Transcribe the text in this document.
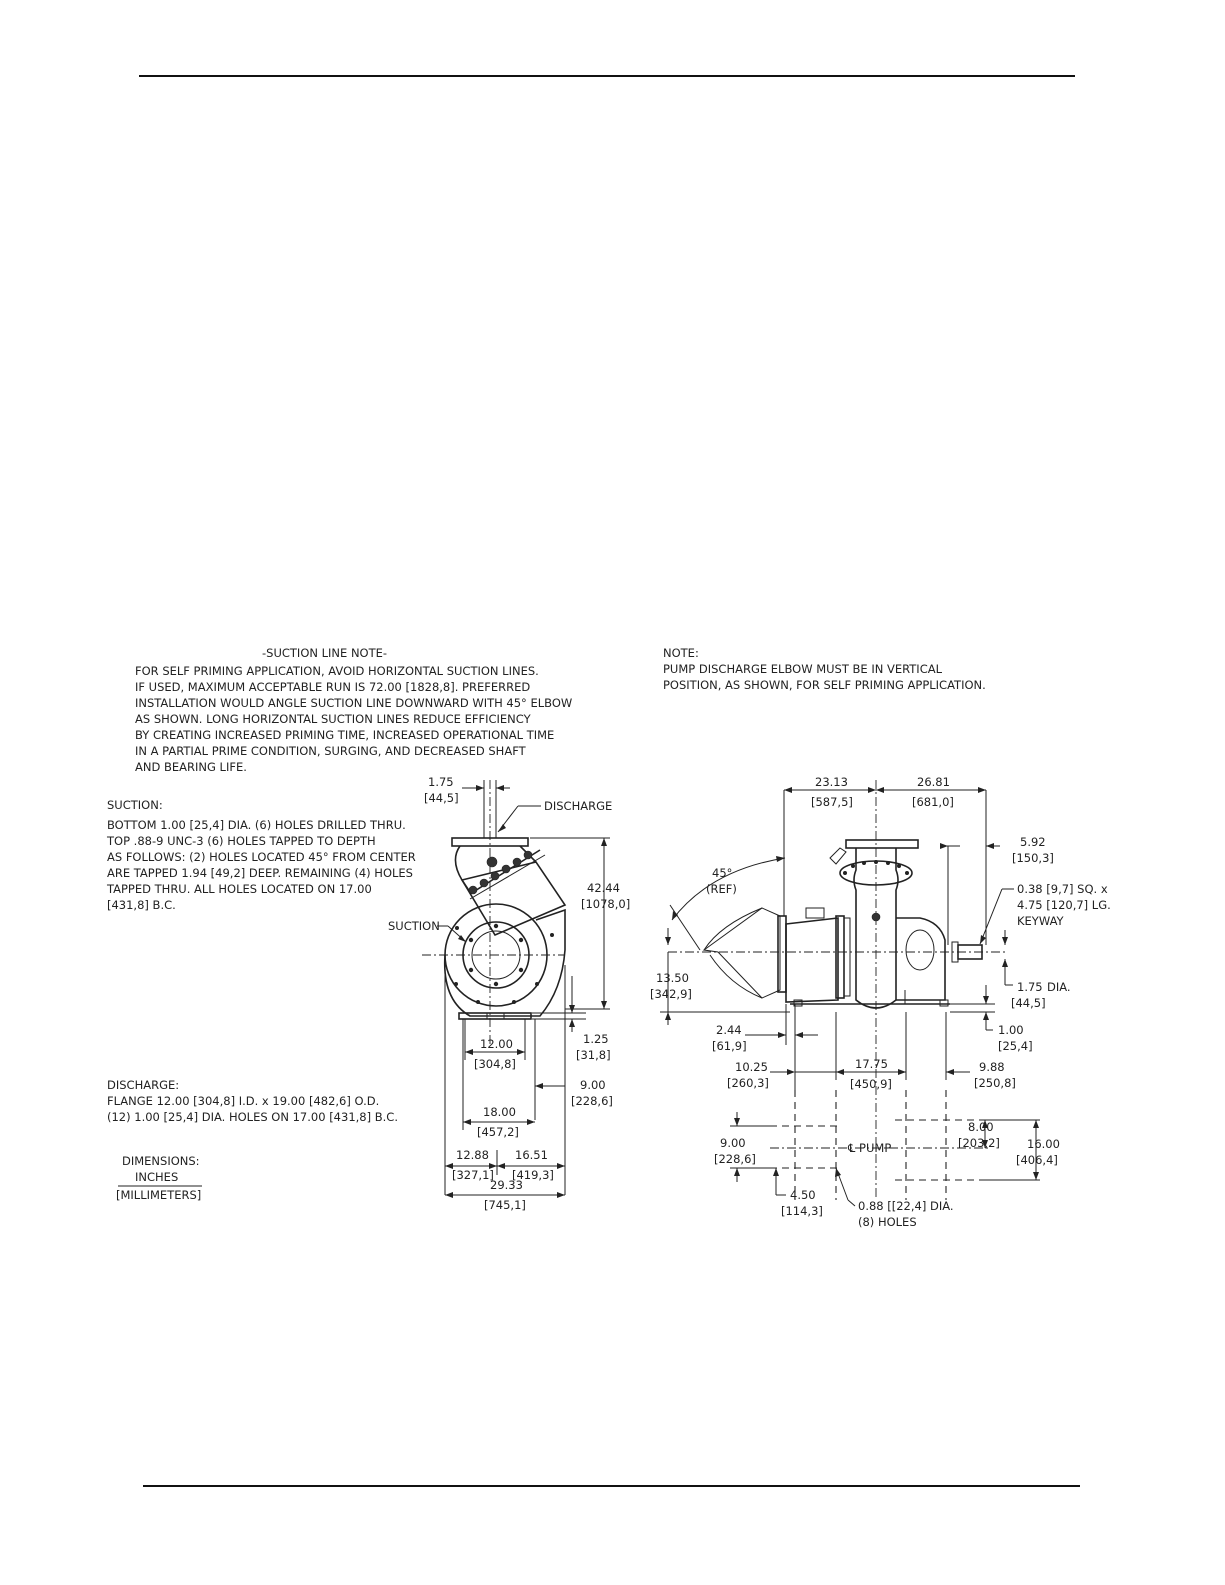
-SUCTION LINE NOTE-
FOR SELF PRIMING APPLICATION, AVOID HORIZONTAL SUCTION LINES.
IF USED, MAXIMUM ACCEPTABLE RUN IS 72.00 [1828,8]. PREFERRED
INSTALLATION WOULD ANGLE SUCTION LINE DOWNWARD WITH 45° ELBOW
AS SHOWN. LONG HORIZONTAL SUCTION LINES REDUCE EFFICIENCY
BY CREATING INCREASED PRIMING TIME, INCREASED OPERATIONAL TIME
IN A PARTIAL PRIME CONDITION, SURGING, AND DECREASED SHAFT
AND BEARING LIFE.
NOTE:
PUMP DISCHARGE ELBOW MUST BE IN VERTICAL
POSITION, AS SHOWN, FOR SELF PRIMING APPLICATION.
SUCTION:
BOTTOM 1.00 [25,4] DIA. (6) HOLES DRILLED THRU.
TOP .88-9 UNC-3 (6) HOLES TAPPED TO DEPTH
AS FOLLOWS: (2) HOLES LOCATED 45° FROM CENTER
ARE TAPPED 1.94 [49,2] DEEP. REMAINING (4) HOLES
TAPPED THRU. ALL HOLES LOCATED ON 17.00
[431,8] B.C.
DISCHARGE:
FLANGE 12.00 [304,8] I.D. x 19.00 [482,6] O.D.
(12) 1.00 [25,4] DIA. HOLES ON 17.00 [431,8] B.C.
DIMENSIONS:
INCHES
[MILLIMETERS]
DISCHARGE
SUCTION
1.75
[44,5]
42.44
[1078,0]
1.25
[31,8]
12.00
[304,8]
9.00
[228,6]
18.00
[457,2]
12.88
[327,1]
16.51
[419,3]
29.33
[745,1]
45°
(REF)	0.38 [9,7] SQ. x
4.75 [120,7] LG.
KEYWAY
23.13
[587,5]
26.81
[681,0]
5.92
[150,3]
13.50
[342,9]	1.75 DIA.
[44,5]
1.00
[25,4]
2.44
[61,9]
10.25
[260,3]
17.75
[450,9]
9.88
[250,8]
℄ PUMP
9.00
[228,6]
8.00
[203,2] 16.00
[406,4]
4.50
[114,3]	0.88 [[22,4] DIA.
(8) HOLES
